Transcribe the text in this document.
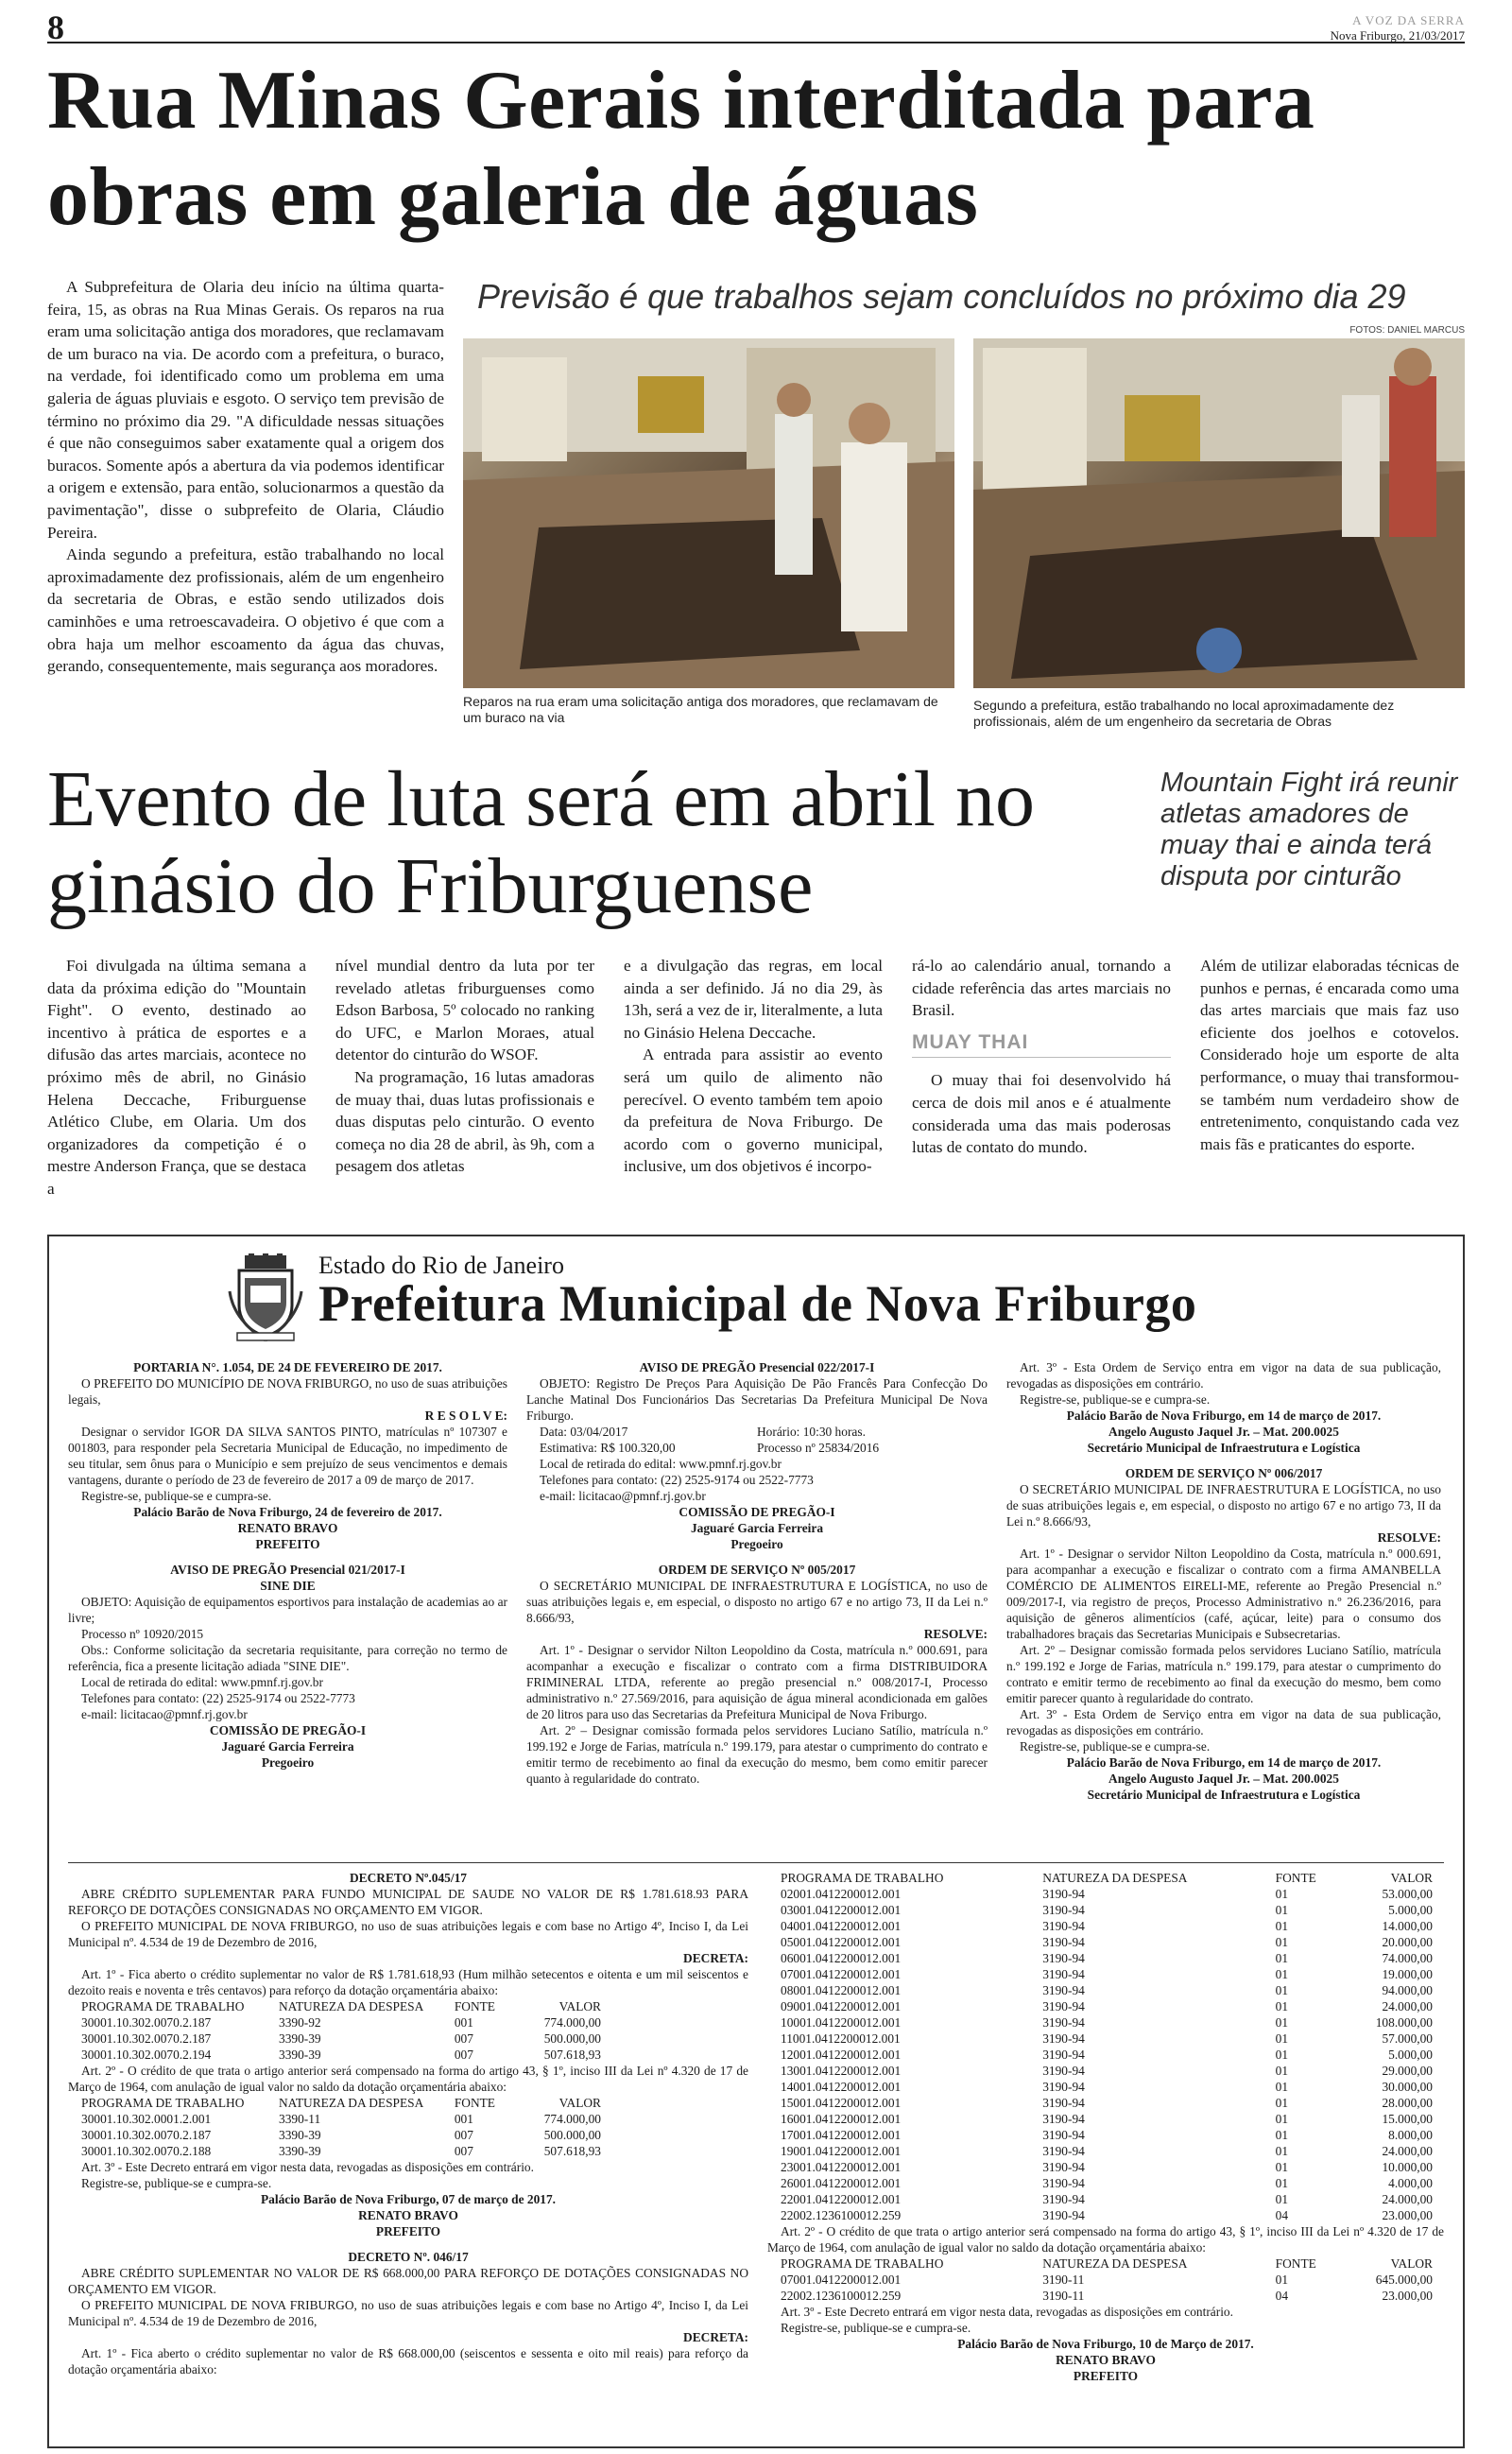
8	A VOZ DA SERRA
Nova Friburgo, 21/03/2017
Rua Minas Gerais interditada para obras em galeria de águas

A Subprefeitura de Olaria deu início na última quarta-feira, 15, as obras na Rua Minas Gerais. Os reparos na rua eram uma solicitação antiga dos moradores, que reclamavam de um buraco na via. De acordo com a prefeitura, o buraco, na verdade, foi identificado como um problema em uma galeria de águas pluviais e esgoto. O serviço tem previsão de término no próximo dia 29. "A dificuldade nessas situações é que não conseguimos saber exatamente qual a origem dos buracos. Somente após a abertura da via podemos identificar a origem e extensão, para então, solucionarmos a questão da pavimentação", disse o subprefeito de Olaria, Cláudio Pereira.

Ainda segundo a prefeitura, estão trabalhando no local aproximadamente dez profissionais, além de um engenheiro da secretaria de Obras, e estão sendo utilizados dois caminhões e uma retroescavadeira. O objetivo é que com a obra haja um melhor escoamento da água das chuvas, gerando, consequentemente, mais segurança aos moradores.

Previsão é que trabalhos sejam concluídos no próximo dia 29
FOTOS: DANIEL MARCUS
Reparos na rua eram uma solicitação antiga dos moradores, que reclamavam de um buraco na via
Segundo a prefeitura, estão trabalhando no local aproximadamente dez profissionais, além de um engenheiro da secretaria de Obras
Evento de luta será em abril no ginásio do Friburguense
Mountain Fight irá reunir atletas amadores de muay thai e ainda terá disputa por cinturão

Foi divulgada na última semana a data da próxima edição do "Mountain Fight". O evento, destinado ao incentivo à prática de esportes e a difusão das artes marciais, acontece no próximo mês de abril, no Ginásio Helena Deccache, Friburguense Atlético Clube, em Olaria. Um dos organizadores da competição é o mestre Anderson França, que se destaca a

nível mundial dentro da luta por ter revelado atletas friburguenses como Edson Barbosa, 5º colocado no ranking do UFC, e Marlon Moraes, atual detentor do cinturão do WSOF.

Na programação, 16 lutas amadoras de muay thai, duas lutas profissionais e duas disputas pelo cinturão. O evento começa no dia 28 de abril, às 9h, com a pesagem dos atletas

e a divulgação das regras, em local ainda a ser definido. Já no dia 29, às 13h, será a vez de ir, literalmente, a luta no Ginásio Helena Deccache.

A entrada para assistir ao evento será um quilo de alimento não perecível. O evento também tem apoio da prefeitura de Nova Friburgo. De acordo com o governo municipal, inclusive, um dos objetivos é incorpo-

rá-lo ao calendário anual, tornando a cidade referência das artes marciais no Brasil.

MUAY THAI

O muay thai foi desenvolvido há cerca de dois mil anos e é atualmente considerada uma das mais poderosas lutas de contato do mundo.

Além de utilizar elaboradas técnicas de punhos e pernas, é encarada como uma das artes marciais que mais faz uso eficiente dos joelhos e cotovelos. Considerado hoje um esporte de alta performance, o muay thai transformou-se também num verdadeiro show de entretenimento, conquistando cada vez mais fãs e praticantes do esporte.

Estado do Rio de Janeiro
Prefeitura Municipal de Nova Friburgo
PORTARIA N°. 1.054, DE 24 DE FEVEREIRO DE 2017.

O PREFEITO DO MUNICÍPIO DE NOVA FRIBURGO, no uso de suas atribuições legais,

R E S O L V E:

Designar o servidor IGOR DA SILVA SANTOS PINTO, matrículas nº 107307 e 001803, para responder pela Secretaria Municipal de Educação, no impedimento de seu titular, sem ônus para o Município e sem prejuízo de seus vencimentos e demais vantagens, durante o período de 23 de fevereiro de 2017 a 09 de março de 2017.

Registre-se, publique-se e cumpra-se.

Palácio Barão de Nova Friburgo, 24 de fevereiro de 2017.
RENATO BRAVO
PREFEITO
AVISO DE PREGÃO Presencial 021/2017-I
SINE DIE

OBJETO: Aquisição de equipamentos esportivos para instalação de academias ao ar livre;

Processo nº 10920/2015

Obs.: Conforme solicitação da secretaria requisitante, para correção no termo de referência, fica a presente licitação adiada "SINE DIE".

Local de retirada do edital: www.pmnf.rj.gov.br

Telefones para contato: (22) 2525-9174 ou 2522-7773

e-mail: licitacao@pmnf.rj.gov.br

COMISSÃO DE PREGÃO-I
Jaguaré Garcia Ferreira
Pregoeiro
AVISO DE PREGÃO Presencial 022/2017-I

OBJETO: Registro De Preços Para Aquisição De Pão Francês Para Confecção Do Lanche Matinal Dos Funcionários Das Secretarias Da Prefeitura Municipal De Nova Friburgo.

Data: 03/04/2017	Horário: 10:30 horas.
Estimativa: R$ 100.320,00	Processo nº 25834/2016

Local de retirada do edital: www.pmnf.rj.gov.br

Telefones para contato: (22) 2525-9174 ou 2522-7773

e-mail: licitacao@pmnf.rj.gov.br

COMISSÃO DE PREGÃO-I
Jaguaré Garcia Ferreira
Pregoeiro
ORDEM DE SERVIÇO Nº 005/2017

O SECRETÁRIO MUNICIPAL DE INFRAESTRUTURA E LOGÍSTICA, no uso de suas atribuições legais e, em especial, o disposto no artigo 67 e no artigo 73, II da Lei n.º 8.666/93,

RESOLVE:

Art. 1º - Designar o servidor Nilton Leopoldino da Costa, matrícula n.º 000.691, para acompanhar a execução e fiscalizar o contrato com a firma DISTRIBUIDORA FRIMINERAL LTDA, referente ao pregão presencial n.º 008/2017-I, Processo administrativo n.º 27.569/2016, para aquisição de água mineral acondicionada em galões de 20 litros para uso das Secretarias da Prefeitura Municipal de Nova Friburgo.

Art. 2º – Designar comissão formada pelos servidores Luciano Satílio, matrícula n.º 199.192 e Jorge de Farias, matrícula n.º 199.179, para atestar o cumprimento do contrato e emitir termo de recebimento ao final da execução do mesmo, bem como emitir parecer quanto à regularidade do contrato.

Art. 3º - Esta Ordem de Serviço entra em vigor na data de sua publicação, revogadas as disposições em contrário.

Registre-se, publique-se e cumpra-se.

Palácio Barão de Nova Friburgo, em 14 de março de 2017.
Angelo Augusto Jaquel Jr. – Mat. 200.0025
Secretário Municipal de Infraestrutura e Logística
ORDEM DE SERVIÇO Nº 006/2017

O SECRETÁRIO MUNICIPAL DE INFRAESTRUTURA E LOGÍSTICA, no uso de suas atribuições legais e, em especial, o disposto no artigo 67 e no artigo 73, II da Lei n.º 8.666/93,

RESOLVE:

Art. 1º - Designar o servidor Nilton Leopoldino da Costa, matrícula n.º 000.691, para acompanhar a execução e fiscalizar o contrato com a firma AMANBELLA COMÉRCIO DE ALIMENTOS EIRELI-ME, referente ao Pregão Presencial n.º 009/2017-I, via registro de preços, Processo Administrativo n.º 26.236/2016, para aquisição de gêneros alimentícios (café, açúcar, leite) para o consumo dos trabalhadores braçais das Secretarias Municipais e Subsecretarias.

Art. 2º – Designar comissão formada pelos servidores Luciano Satílio, matrícula n.º 199.192 e Jorge de Farias, matrícula n.º 199.179, para atestar o cumprimento do contrato e emitir termo de recebimento ao final da execução do mesmo, bem como emitir parecer quanto à regularidade do contrato.

Art. 3º - Esta Ordem de Serviço entra em vigor na data de sua publicação, revogadas as disposições em contrário.

Registre-se, publique-se e cumpra-se.

Palácio Barão de Nova Friburgo, em 14 de março de 2017.
Angelo Augusto Jaquel Jr. – Mat. 200.0025
Secretário Municipal de Infraestrutura e Logística
DECRETO Nº.045/17

ABRE CRÉDITO SUPLEMENTAR PARA FUNDO MUNICIPAL DE SAUDE NO VALOR DE R$ 1.781.618.93 PARA REFORÇO DE DOTAÇÕES CONSIGNADAS NO ORÇAMENTO EM VIGOR.

O PREFEITO MUNICIPAL DE NOVA FRIBURGO, no uso de suas atribuições legais e com base no Artigo 4º, Inciso I, da Lei Municipal nº. 4.534 de 19 de Dezembro de 2016,

DECRETA:

Art. 1º - Fica aberto o crédito suplementar no valor de R$ 1.781.618,93 (Hum milhão setecentos e oitenta e um mil seiscentos e dezoito reais e noventa e três centavos) para reforço da dotação orçamentária abaixo:

PROGRAMA DE TRABALHO	NATUREZA DA DESPESA	FONTE	VALOR
30001.10.302.0070.2.187	3390-92	001	774.000,00
30001.10.302.0070.2.187	3390-39	007	500.000,00
30001.10.302.0070.2.194	3390-39	007	507.618,93

Art. 2º - O crédito de que trata o artigo anterior será compensado na forma do artigo 43, § 1º, inciso III da Lei nº 4.320 de 17 de Março de 1964, com anulação de igual valor no saldo da dotação orçamentária abaixo:

PROGRAMA DE TRABALHO	NATUREZA DA DESPESA	FONTE	VALOR
30001.10.302.0001.2.001	3390-11	001	774.000,00
30001.10.302.0070.2.187	3390-39	007	500.000,00
30001.10.302.0070.2.188	3390-39	007	507.618,93

Art. 3º - Este Decreto entrará em vigor nesta data, revogadas as disposições em contrário.

Registre-se, publique-se e cumpra-se.

Palácio Barão de Nova Friburgo, 07 de março de 2017.
RENATO BRAVO
PREFEITO
DECRETO Nº. 046/17

ABRE CRÉDITO SUPLEMENTAR NO VALOR DE R$ 668.000,00 PARA REFORÇO DE DOTAÇÕES CONSIGNADAS NO ORÇAMENTO EM VIGOR.

O PREFEITO MUNICIPAL DE NOVA FRIBURGO, no uso de suas atribuições legais e com base no Artigo 4º, Inciso I, da Lei Municipal nº. 4.534 de 19 de Dezembro de 2016,

DECRETA:

Art. 1º - Fica aberto o crédito suplementar no valor de R$ 668.000,00 (seiscentos e sessenta e oito mil reais) para reforço da dotação orçamentária abaixo:

PROGRAMA DE TRABALHO	NATUREZA DA DESPESA	FONTE	VALOR
02001.0412200012.001	3190-94	01	53.000,00
03001.0412200012.001	3190-94	01	5.000,00
04001.0412200012.001	3190-94	01	14.000,00
05001.0412200012.001	3190-94	01	20.000,00
06001.0412200012.001	3190-94	01	74.000,00
07001.0412200012.001	3190-94	01	19.000,00
08001.0412200012.001	3190-94	01	94.000,00
09001.0412200012.001	3190-94	01	24.000,00
10001.0412200012.001	3190-94	01	108.000,00
11001.0412200012.001	3190-94	01	57.000,00
12001.0412200012.001	3190-94	01	5.000,00
13001.0412200012.001	3190-94	01	29.000,00
14001.0412200012.001	3190-94	01	30.000,00
15001.0412200012.001	3190-94	01	28.000,00
16001.0412200012.001	3190-94	01	15.000,00
17001.0412200012.001	3190-94	01	8.000,00
19001.0412200012.001	3190-94	01	24.000,00
23001.0412200012.001	3190-94	01	10.000,00
26001.0412200012.001	3190-94	01	4.000,00
22001.0412200012.001	3190-94	01	24.000,00
22002.1236100012.259	3190-94	04	23.000,00

Art. 2º - O crédito de que trata o artigo anterior será compensado na forma do artigo 43, § 1º, inciso III da Lei nº 4.320 de 17 de Março de 1964, com anulação de igual valor no saldo da dotação orçamentária abaixo:

PROGRAMA DE TRABALHO	NATUREZA DA DESPESA	FONTE	VALOR
07001.0412200012.001	3190-11	01	645.000,00
22002.1236100012.259	3190-11	04	23.000,00

Art. 3º - Este Decreto entrará em vigor nesta data, revogadas as disposições em contrário.

Registre-se, publique-se e cumpra-se.

Palácio Barão de Nova Friburgo, 10 de Março de 2017.
RENATO BRAVO
PREFEITO
